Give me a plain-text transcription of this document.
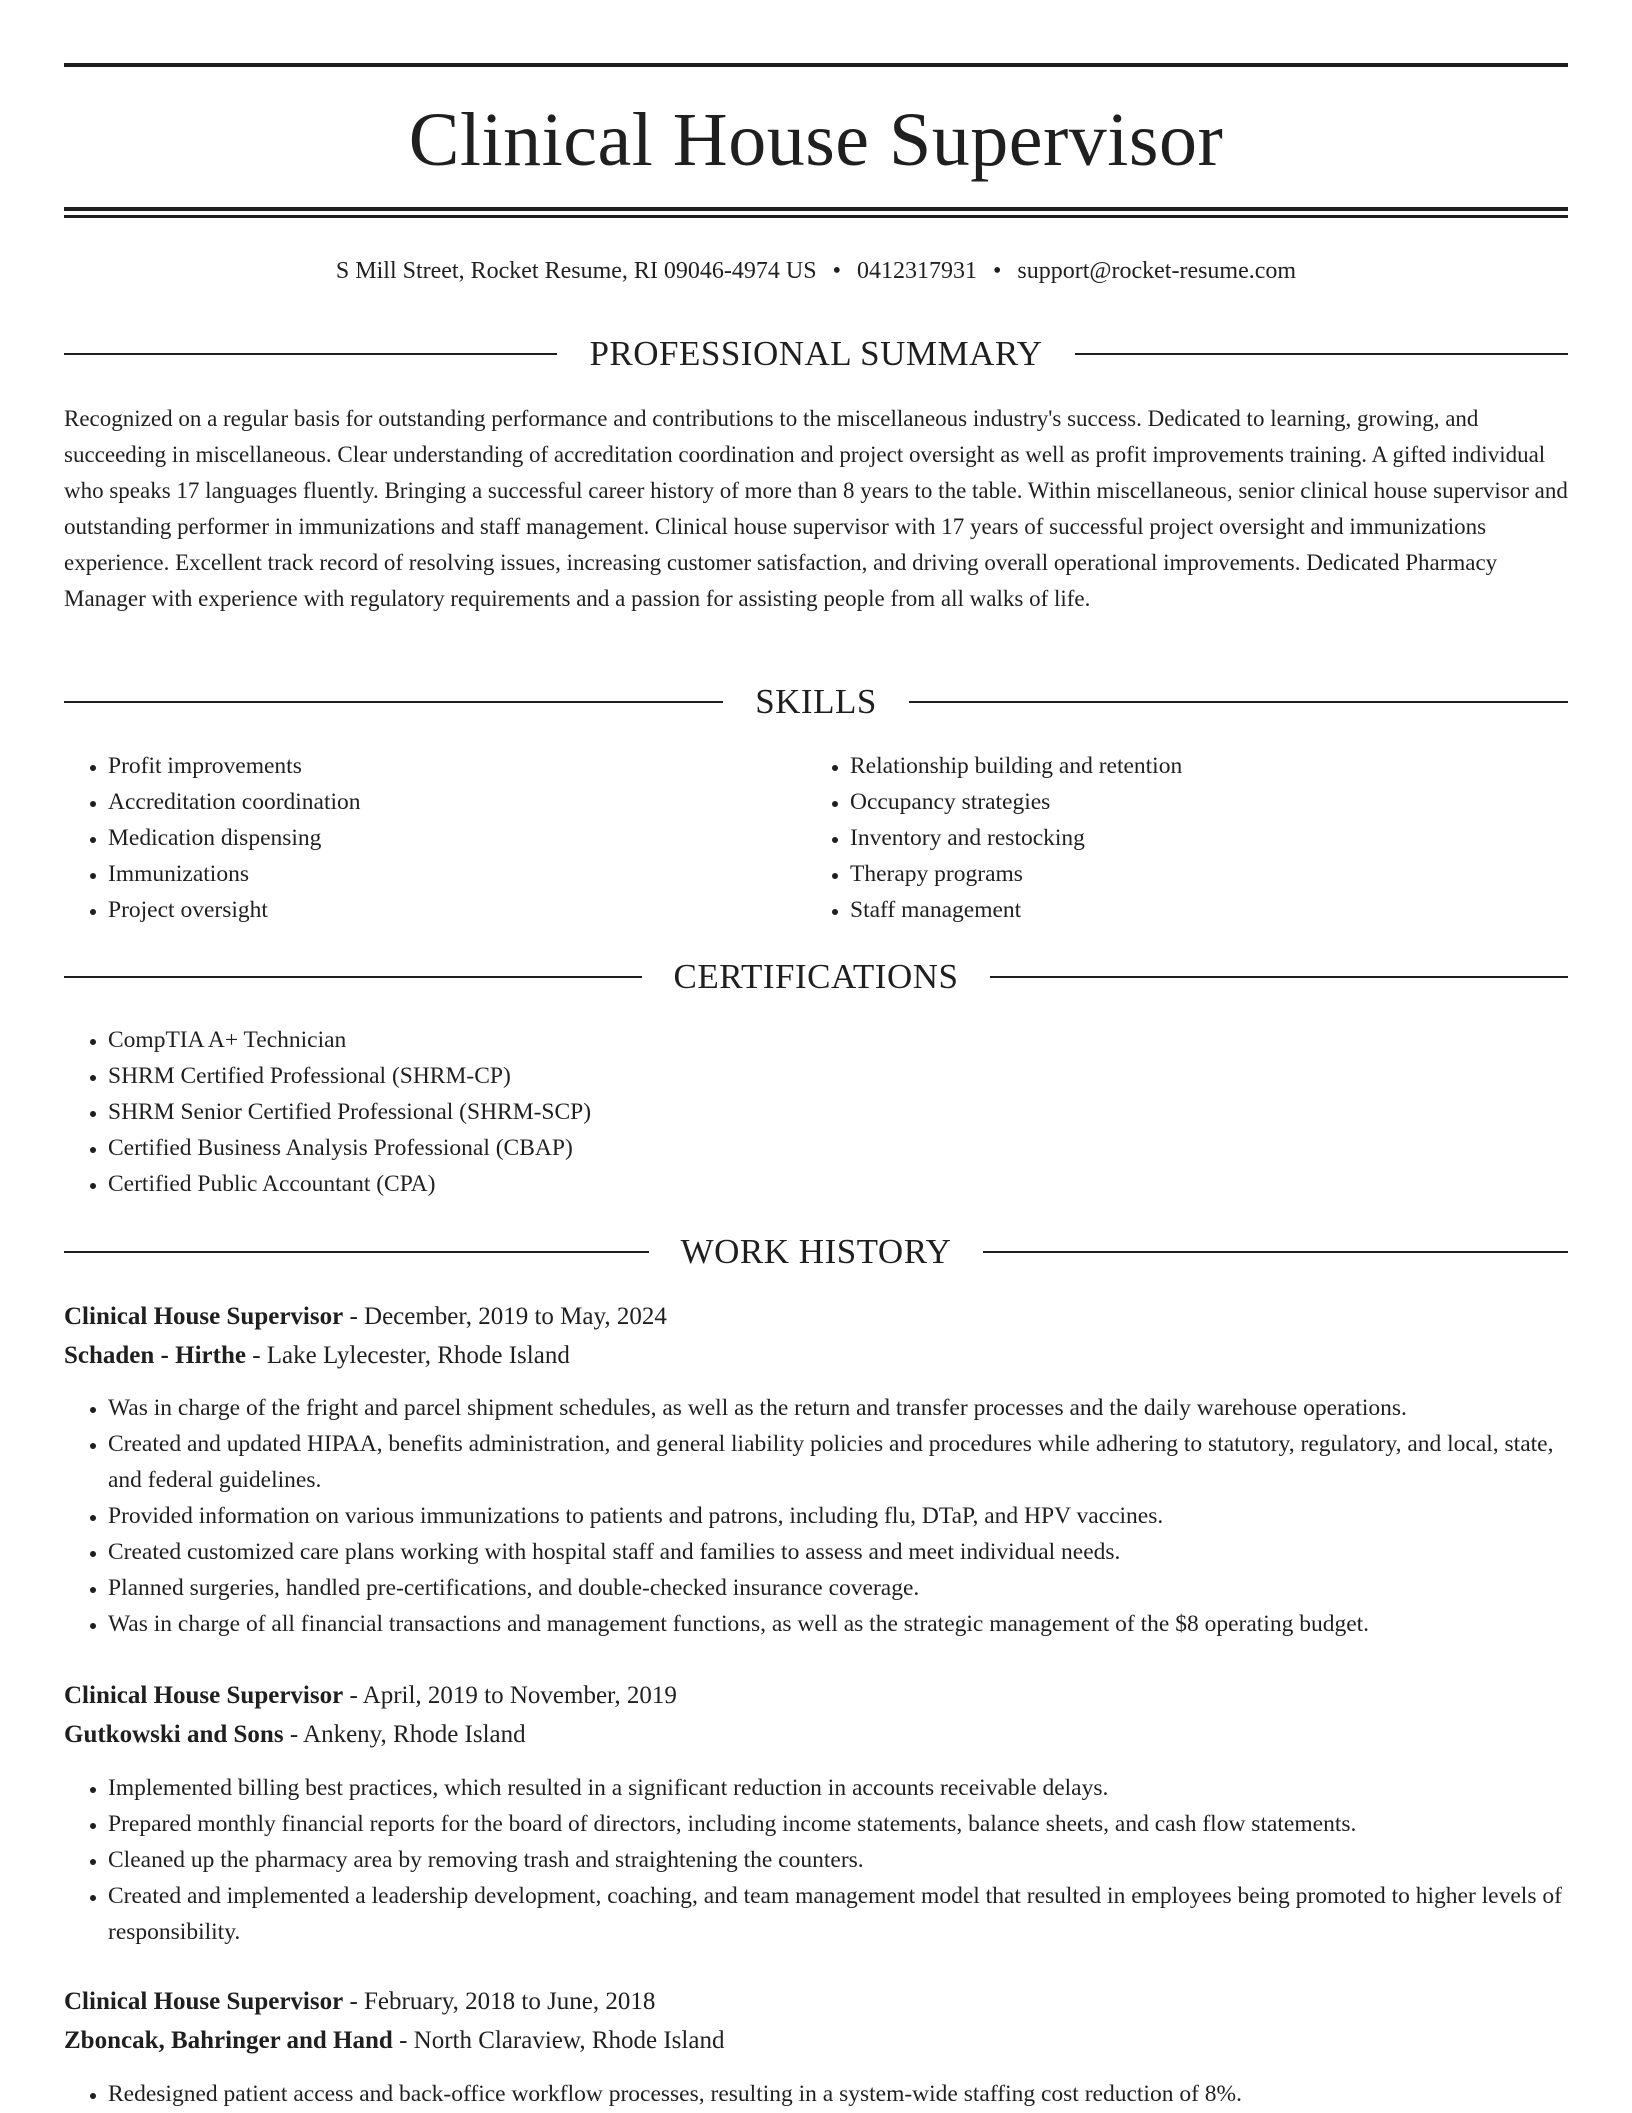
Clinical House Supervisor
S Mill Street, Rocket Resume, RI 09046-4974 US • 0412317931 • support@rocket-resume.com
PROFESSIONAL SUMMARY
Recognized on a regular basis for outstanding performance and contributions to the miscellaneous industry's success. Dedicated to learning, growing, and succeeding in miscellaneous. Clear understanding of accreditation coordination and project oversight as well as profit improvements training. A gifted individual who speaks 17 languages fluently. Bringing a successful career history of more than 8 years to the table. Within miscellaneous, senior clinical house supervisor and outstanding performer in immunizations and staff management. Clinical house supervisor with 17 years of successful project oversight and immunizations experience. Excellent track record of resolving issues, increasing customer satisfaction, and driving overall operational improvements. Dedicated Pharmacy Manager with experience with regulatory requirements and a passion for assisting people from all walks of life.
SKILLS
• Profit improvements
• Accreditation coordination
• Medication dispensing
• Immunizations
• Project oversight
• Relationship building and retention
• Occupancy strategies
• Inventory and restocking
• Therapy programs
• Staff management
CERTIFICATIONS
• CompTIA A+ Technician
• SHRM Certified Professional (SHRM-CP)
• SHRM Senior Certified Professional (SHRM-SCP)
• Certified Business Analysis Professional (CBAP)
• Certified Public Accountant (CPA)
WORK HISTORY
Clinical House Supervisor - December, 2019 to May, 2024
Schaden - Hirthe - Lake Lylecester, Rhode Island
• Was in charge of the fright and parcel shipment schedules, as well as the return and transfer processes and the daily warehouse operations.
• Created and updated HIPAA, benefits administration, and general liability policies and procedures while adhering to statutory, regulatory, and local, state, and federal guidelines.
• Provided information on various immunizations to patients and patrons, including flu, DTaP, and HPV vaccines.
• Created customized care plans working with hospital staff and families to assess and meet individual needs.
• Planned surgeries, handled pre-certifications, and double-checked insurance coverage.
• Was in charge of all financial transactions and management functions, as well as the strategic management of the $8 operating budget.
Clinical House Supervisor - April, 2019 to November, 2019
Gutkowski and Sons - Ankeny, Rhode Island
• Implemented billing best practices, which resulted in a significant reduction in accounts receivable delays.
• Prepared monthly financial reports for the board of directors, including income statements, balance sheets, and cash flow statements.
• Cleaned up the pharmacy area by removing trash and straightening the counters.
• Created and implemented a leadership development, coaching, and team management model that resulted in employees being promoted to higher levels of responsibility.
Clinical House Supervisor - February, 2018 to June, 2018
Zboncak, Bahringer and Hand - North Claraview, Rhode Island
• Redesigned patient access and back-office workflow processes, resulting in a system-wide staffing cost reduction of 8%.
